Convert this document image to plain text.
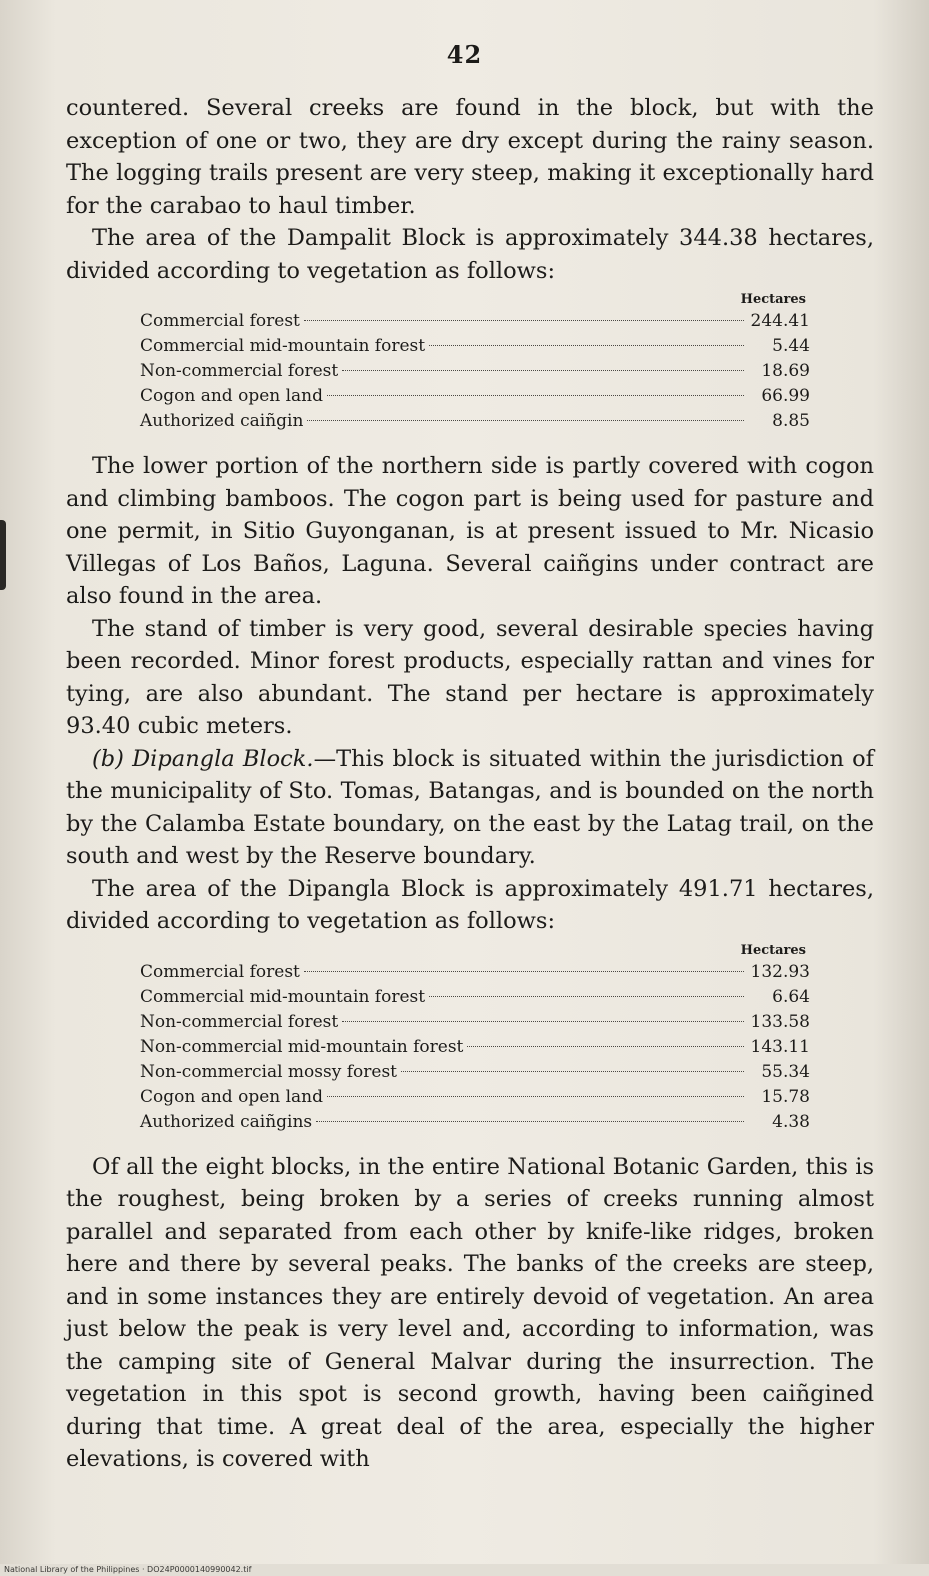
42

countered. Several creeks are found in the block, but with the exception of one or two, they are dry except during the rainy season. The logging trails present are very steep, making it exceptionally hard for the carabao to haul timber.

The area of the Dampalit Block is approximately 344.38 hectares, divided according to vegetation as follows:

Hectares
Commercial forest	244.41
Commercial mid-mountain forest	5.44
Non-commercial forest	18.69
Cogon and open land	66.99
Authorized caiñgin	8.85

The lower portion of the northern side is partly covered with cogon and climbing bamboos. The cogon part is being used for pasture and one permit, in Sitio Guyonganan, is at present issued to Mr. Nicasio Villegas of Los Baños, Laguna. Several caiñgins under contract are also found in the area.

The stand of timber is very good, several desirable species having been recorded. Minor forest products, especially rattan and vines for tying, are also abundant. The stand per hectare is approximately 93.40 cubic meters.

(b) Dipangla Block.—This block is situated within the jurisdiction of the municipality of Sto. Tomas, Batangas, and is bounded on the north by the Calamba Estate boundary, on the east by the Latag trail, on the south and west by the Reserve boundary.

The area of the Dipangla Block is approximately 491.71 hectares, divided according to vegetation as follows:

Hectares
Commercial forest	132.93
Commercial mid-mountain forest	6.64
Non-commercial forest	133.58
Non-commercial mid-mountain forest	143.11
Non-commercial mossy forest	55.34
Cogon and open land	15.78
Authorized caiñgins	4.38

Of all the eight blocks, in the entire National Botanic Garden, this is the roughest, being broken by a series of creeks running almost parallel and separated from each other by knife-like ridges, broken here and there by several peaks. The banks of the creeks are steep, and in some instances they are entirely devoid of vegetation. An area just below the peak is very level and, according to information, was the camping site of General Malvar during the insurrection. The vegetation in this spot is second growth, having been caiñgined during that time. A great deal of the area, especially the higher elevations, is covered with

National Library of the Philippines · DO24P0000140990042.tif
